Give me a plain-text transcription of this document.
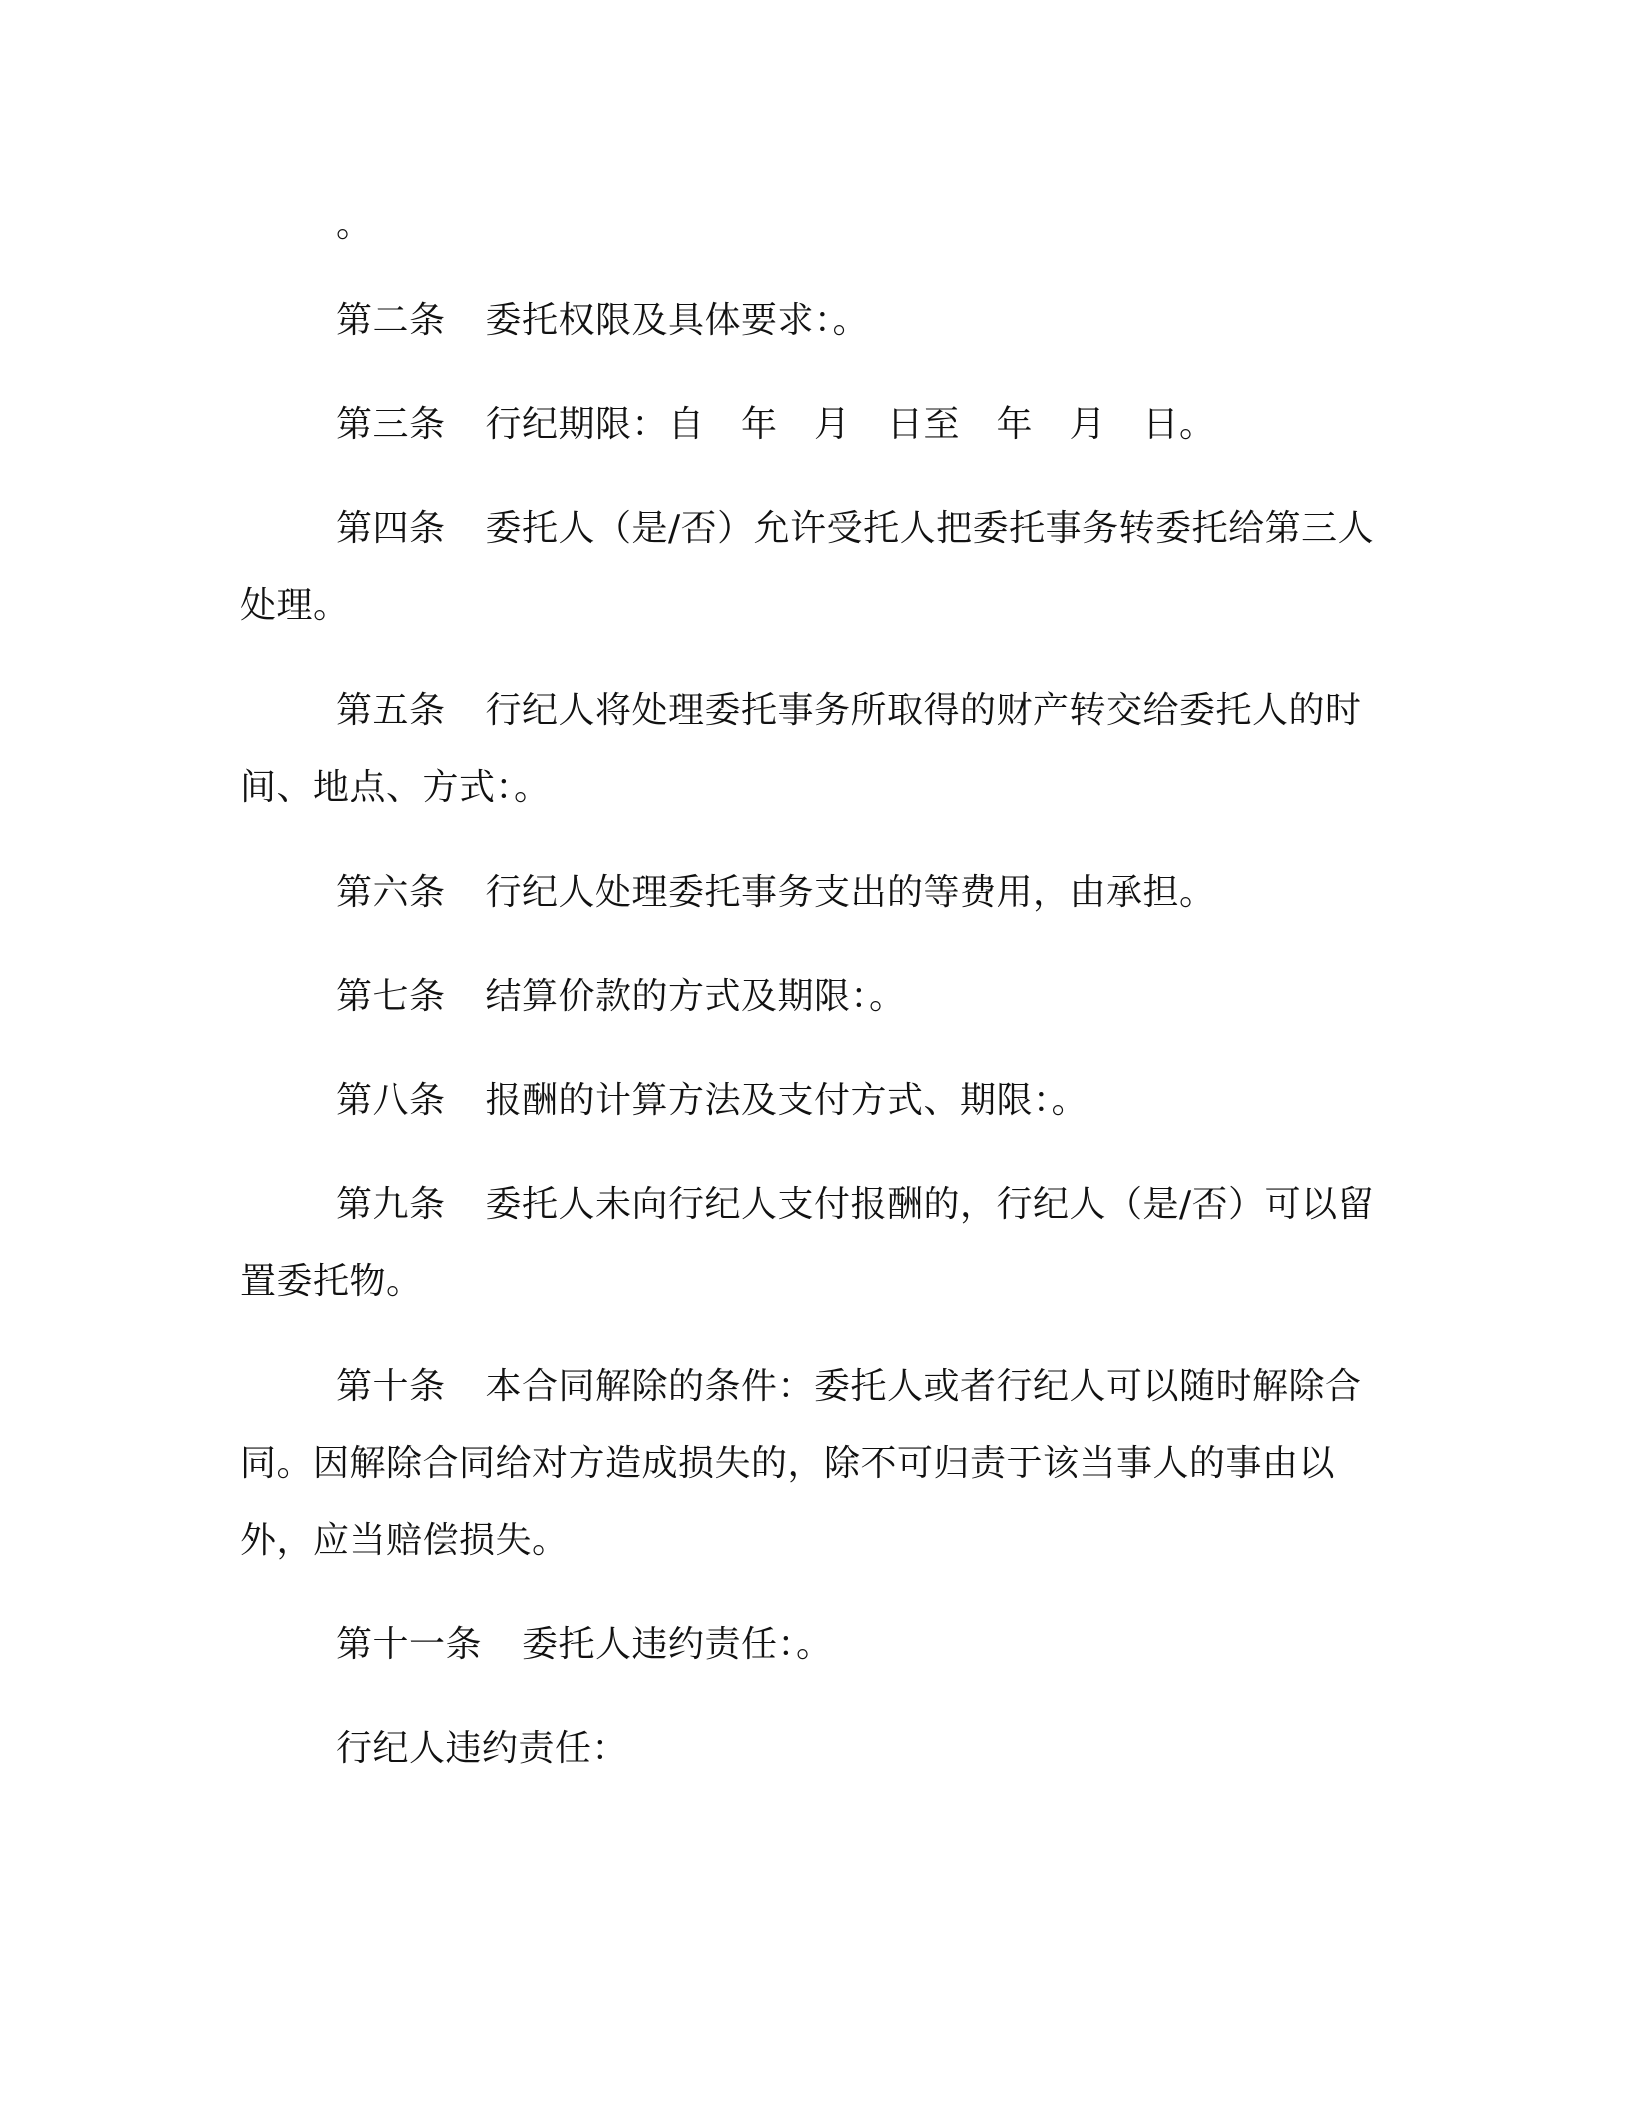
。

第二条 委托权限及具体要求：。

第三条 行纪期限：自　年　月　日至　年　月　日。

第四条 委托人（是/否）允许受托人把委托事务转委托给第三人处理。

第五条 行纪人将处理委托事务所取得的财产转交给委托人的时间、地点、方式：。

第六条 行纪人处理委托事务支出的等费用，由承担。

第七条 结算价款的方式及期限：。

第八条 报酬的计算方法及支付方式、期限：。

第九条 委托人未向行纪人支付报酬的，行纪人（是/否）可以留置委托物。

第十条 本合同解除的条件：委托人或者行纪人可以随时解除合同。因解除合同给对方造成损失的，除不可归责于该当事人的事由以外，应当赔偿损失。

第十一条 委托人违约责任：。

行纪人违约责任：
